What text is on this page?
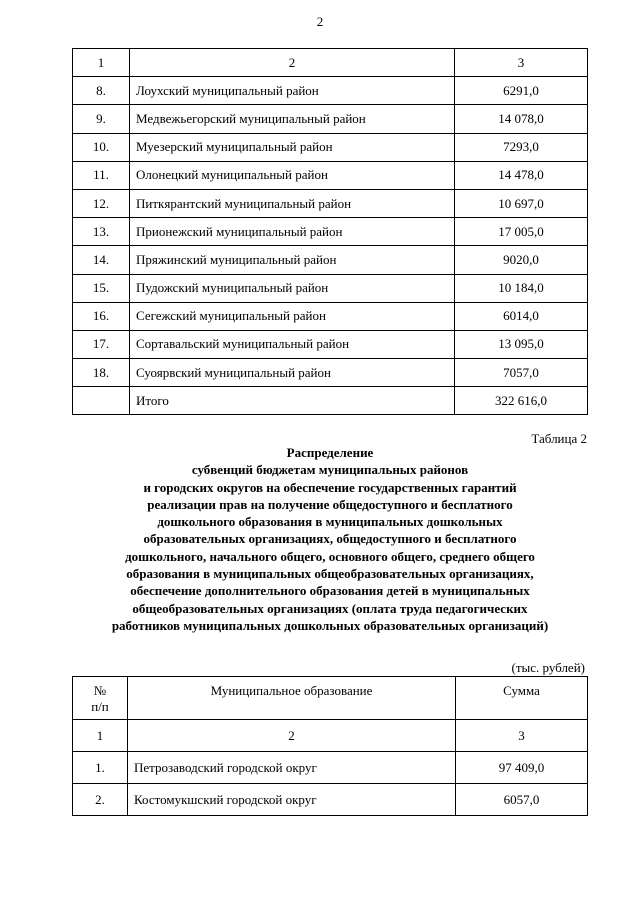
2
1	2	3
8.	Лоухский муниципальный район	6291,0
9.	Медвежьегорский муниципальный район	14 078,0
10.	Муезерский муниципальный район	7293,0
11.	Олонецкий муниципальный район	14 478,0
12.	Питкярантский муниципальный район	10 697,0
13.	Прионежский муниципальный район	17 005,0
14.	Пряжинский муниципальный район	9020,0
15.	Пудожский муниципальный район	10 184,0
16.	Сегежский муниципальный район	6014,0
17.	Сортавальский муниципальный район	13 095,0
18.	Суоярвский муниципальный район	7057,0
	Итого	322 616,0
Таблица 2
Распределение
субвенций бюджетам муниципальных районов
и городских округов на обеспечение государственных гарантий
реализации прав на получение общедоступного и бесплатного
дошкольного образования в муниципальных дошкольных
образовательных организациях, общедоступного и бесплатного
дошкольного, начального общего, основного общего, среднего общего
образования в муниципальных общеобразовательных организациях,
обеспечение дополнительного образования детей в муниципальных
общеобразовательных организациях (оплата труда педагогических
работников муниципальных дошкольных образовательных организаций)
(тыс. рублей)
№
п/п	Муниципальное образование	Сумма
1	2	3
1.	Петрозаводский городской округ	97 409,0
2.	Костомукшский городской округ	6057,0
